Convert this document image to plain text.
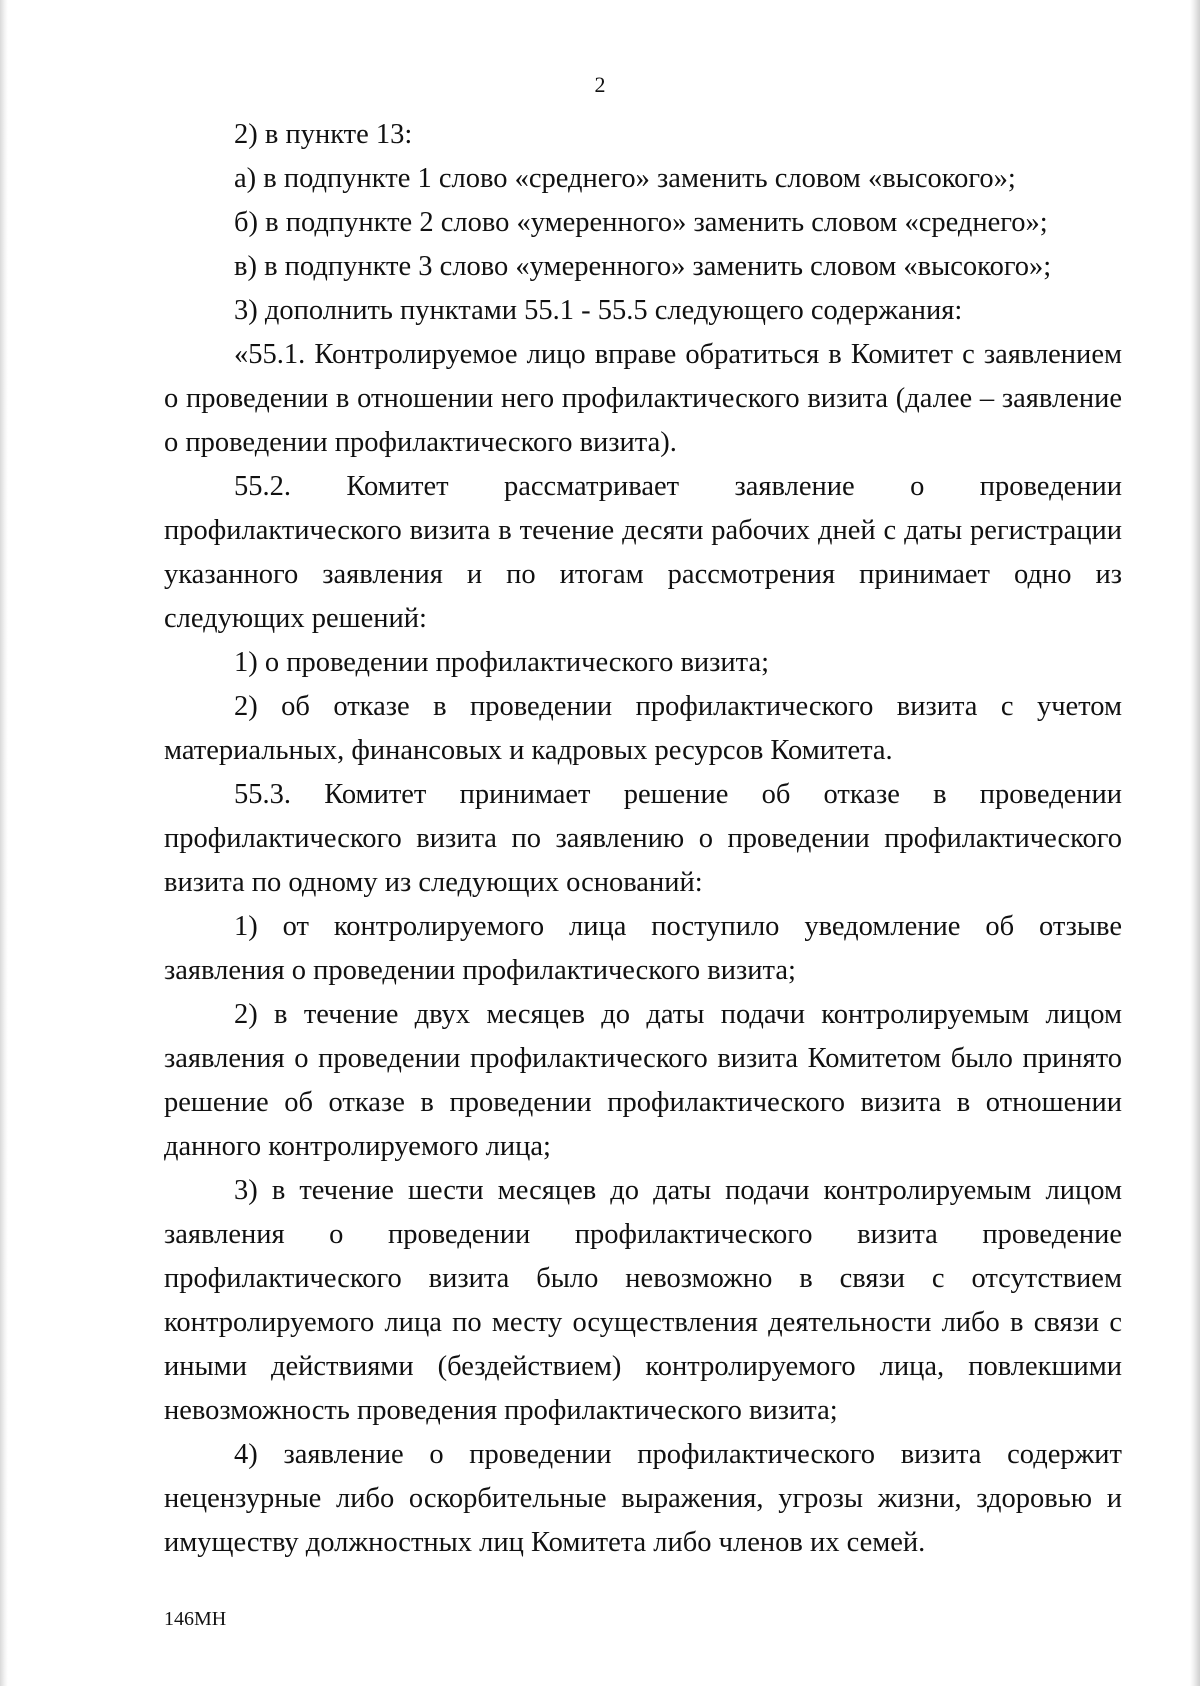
2

2) в пункте 13:

а) в подпункте 1 слово «среднего» заменить словом «высокого»;

б) в подпункте 2 слово «умеренного» заменить словом «среднего»;

в) в подпункте 3 слово «умеренного» заменить словом «высокого»;

3) дополнить пунктами 55.1 - 55.5 следующего содержания:

«55.1. Контролируемое лицо вправе обратиться в Комитет с заявлением о проведении в отношении него профилактического визита (далее – заявление о проведении профилактического визита).

55.2. Комитет рассматривает заявление о проведении профилактического визита в течение десяти рабочих дней с даты регистрации указанного заявления и по итогам рассмотрения принимает одно из следующих решений:

1) о проведении профилактического визита;

2) об отказе в проведении профилактического визита с учетом материальных, финансовых и кадровых ресурсов Комитета.

55.3. Комитет принимает решение об отказе в проведении профилактического визита по заявлению о проведении профилактического визита по одному из следующих оснований:

1) от контролируемого лица поступило уведомление об отзыве заявления о проведении профилактического визита;

2) в течение двух месяцев до даты подачи контролируемым лицом заявления о проведении профилактического визита Комитетом было принято решение об отказе в проведении профилактического визита в отношении данного контролируемого лица;

3) в течение шести месяцев до даты подачи контролируемым лицом заявления о проведении профилактического визита проведение профилактического визита было невозможно в связи с отсутствием контролируемого лица по месту осуществления деятельности либо в связи с иными действиями (бездействием) контролируемого лица, повлекшими невозможность проведения профилактического визита;

4) заявление о проведении профилактического визита содержит нецензурные либо оскорбительные выражения, угрозы жизни, здоровью и имуществу должностных лиц Комитета либо членов их семей.

146МН
